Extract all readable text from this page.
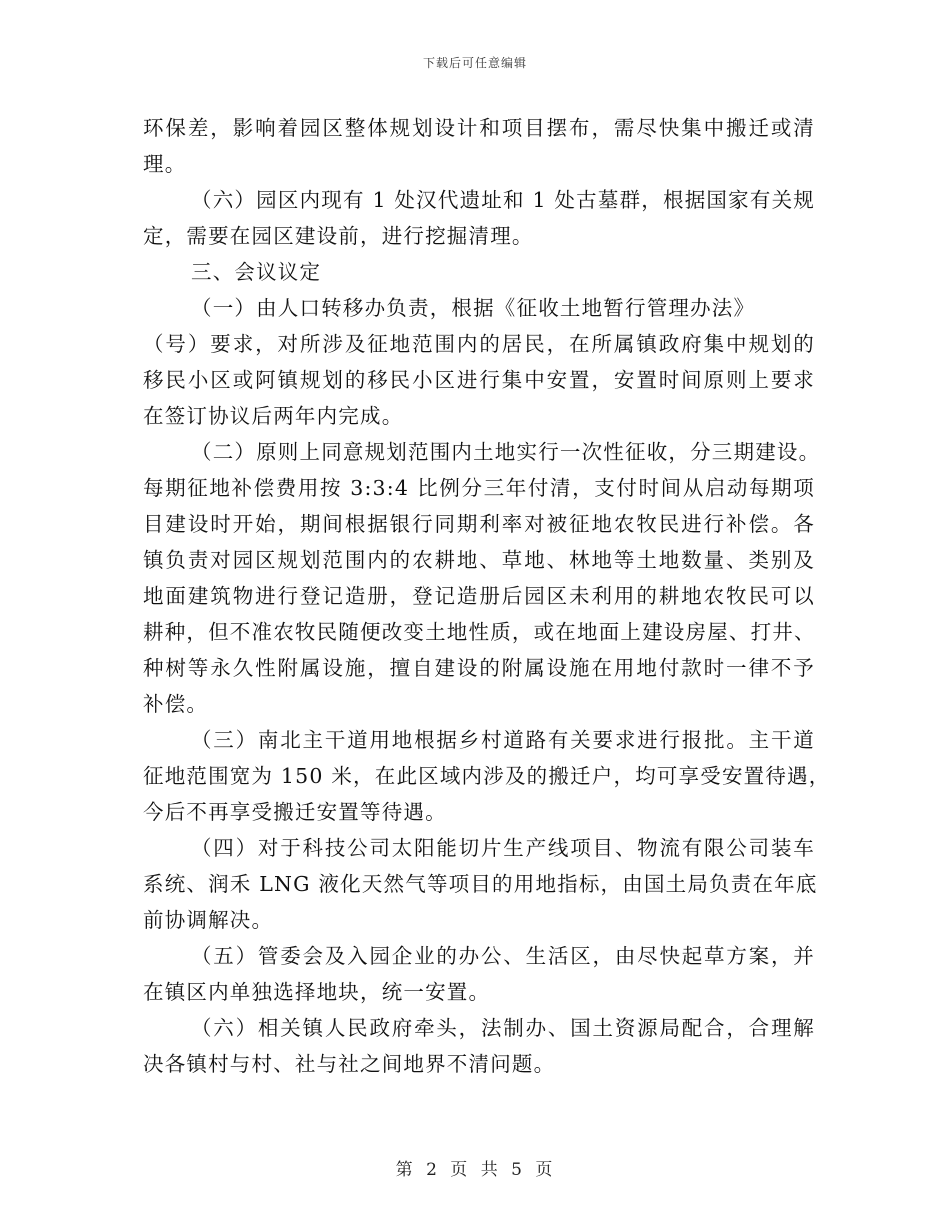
下载后可任意编辑
环保差，影响着园区整体规划设计和项目摆布，需尽快集中搬迁或清
理。
（六）园区内现有 1 处汉代遗址和 1 处古墓群，根据国家有关规
定，需要在园区建设前，进行挖掘清理。
三、会议议定
（一）由人口转移办负责，根据《征收土地暂行管理办法》
（号）要求，对所涉及征地范围内的居民，在所属镇政府集中规划的
移民小区或阿镇规划的移民小区进行集中安置，安置时间原则上要求
在签订协议后两年内完成。
（二）原则上同意规划范围内土地实行一次性征收，分三期建设。
每期征地补偿费用按 3:3:4 比例分三年付清，支付时间从启动每期项
目建设时开始，期间根据银行同期利率对被征地农牧民进行补偿。各
镇负责对园区规划范围内的农耕地、草地、林地等土地数量、类别及
地面建筑物进行登记造册，登记造册后园区未利用的耕地农牧民可以
耕种，但不准农牧民随便改变土地性质，或在地面上建设房屋、打井、
种树等永久性附属设施，擅自建设的附属设施在用地付款时一律不予
补偿。
（三）南北主干道用地根据乡村道路有关要求进行报批。主干道
征地范围宽为 150 米，在此区域内涉及的搬迁户，均可享受安置待遇，
今后不再享受搬迁安置等待遇。
（四）对于科技公司太阳能切片生产线项目、物流有限公司装车
系统、润禾 LNG 液化天然气等项目的用地指标，由国土局负责在年底
前协调解决。
（五）管委会及入园企业的办公、生活区，由尽快起草方案，并
在镇区内单独选择地块，统一安置。
（六）相关镇人民政府牵头，法制办、国土资源局配合，合理解
决各镇村与村、社与社之间地界不清问题。
第 2 页 共 5 页
